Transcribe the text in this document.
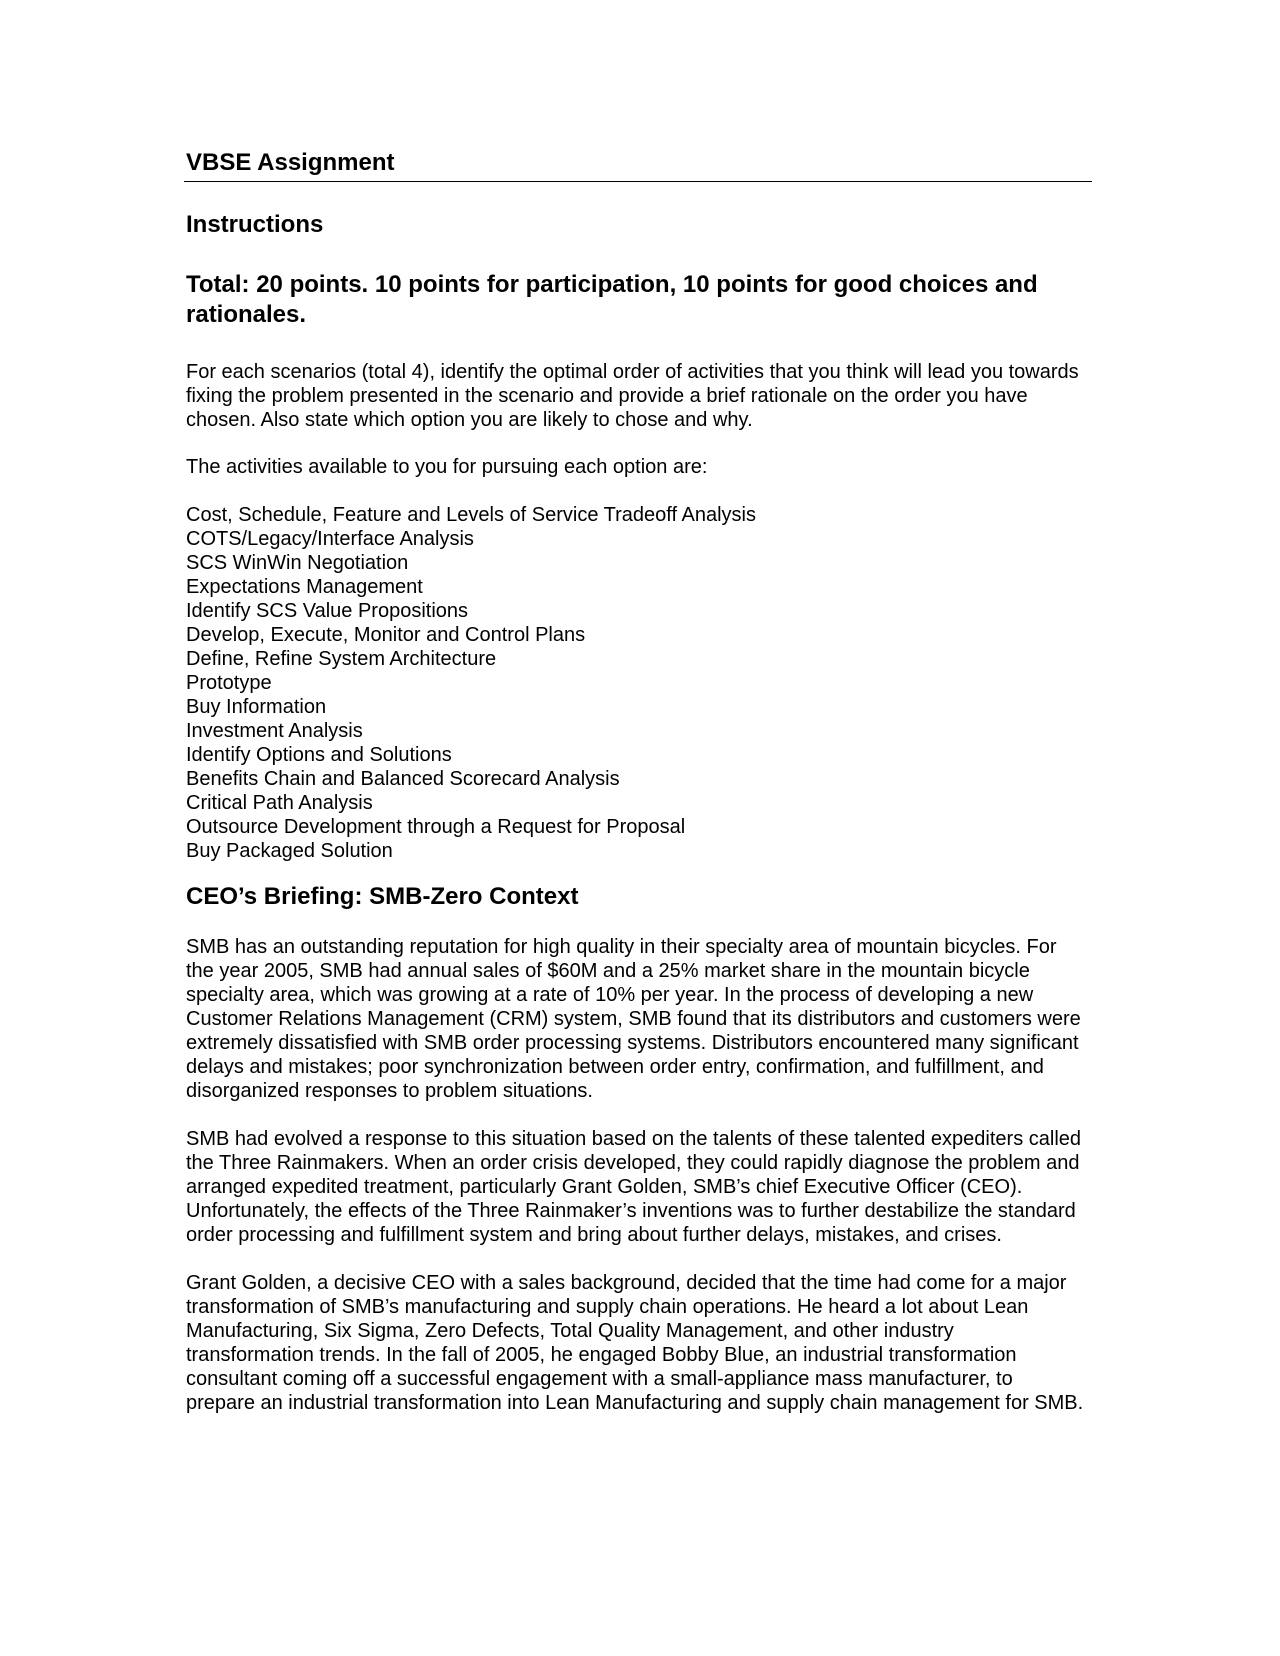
VBSE Assignment
Instructions
Total: 20 points. 10 points for participation, 10 points for good choices and rationales.

For each scenarios (total 4), identify the optimal order of activities that you think will lead you towards fixing the problem presented in the scenario and provide a brief rationale on the order you have chosen. Also state which option you are likely to chose and why.

The activities available to you for pursuing each option are:

Cost, Schedule, Feature and Levels of Service Tradeoff Analysis
COTS/Legacy/Interface Analysis
SCS WinWin Negotiation
Expectations Management
Identify SCS Value Propositions
Develop, Execute, Monitor and Control Plans
Define, Refine System Architecture
Prototype
Buy Information
Investment Analysis
Identify Options and Solutions
Benefits Chain and Balanced Scorecard Analysis
Critical Path Analysis
Outsource Development through a Request for Proposal
Buy Packaged Solution
CEO’s Briefing: SMB-Zero Context

SMB has an outstanding reputation for high quality in their specialty area of mountain bicycles. For the year 2005, SMB had annual sales of $60M and a 25% market share in the mountain bicycle specialty area, which was growing at a rate of 10% per year. In the process of developing a new Customer Relations Management (CRM) system, SMB found that its distributors and customers were extremely dissatisfied with SMB order processing systems. Distributors encountered many significant delays and mistakes; poor synchronization between order entry, confirmation, and fulfillment, and disorganized responses to problem situations.

SMB had evolved a response to this situation based on the talents of these talented expediters called the Three Rainmakers. When an order crisis developed, they could rapidly diagnose the problem and arranged expedited treatment, particularly Grant Golden, SMB’s chief Executive Officer (CEO). Unfortunately, the effects of the Three Rainmaker’s inventions was to further destabilize the standard order processing and fulfillment system and bring about further delays, mistakes, and crises.

Grant Golden, a decisive CEO with a sales background, decided that the time had come for a major transformation of SMB’s manufacturing and supply chain operations. He heard a lot about Lean Manufacturing, Six Sigma, Zero Defects, Total Quality Management, and other industry transformation trends. In the fall of 2005, he engaged Bobby Blue, an industrial transformation consultant coming off a successful engagement with a small-appliance mass manufacturer, to prepare an industrial transformation into Lean Manufacturing and supply chain management for SMB.
